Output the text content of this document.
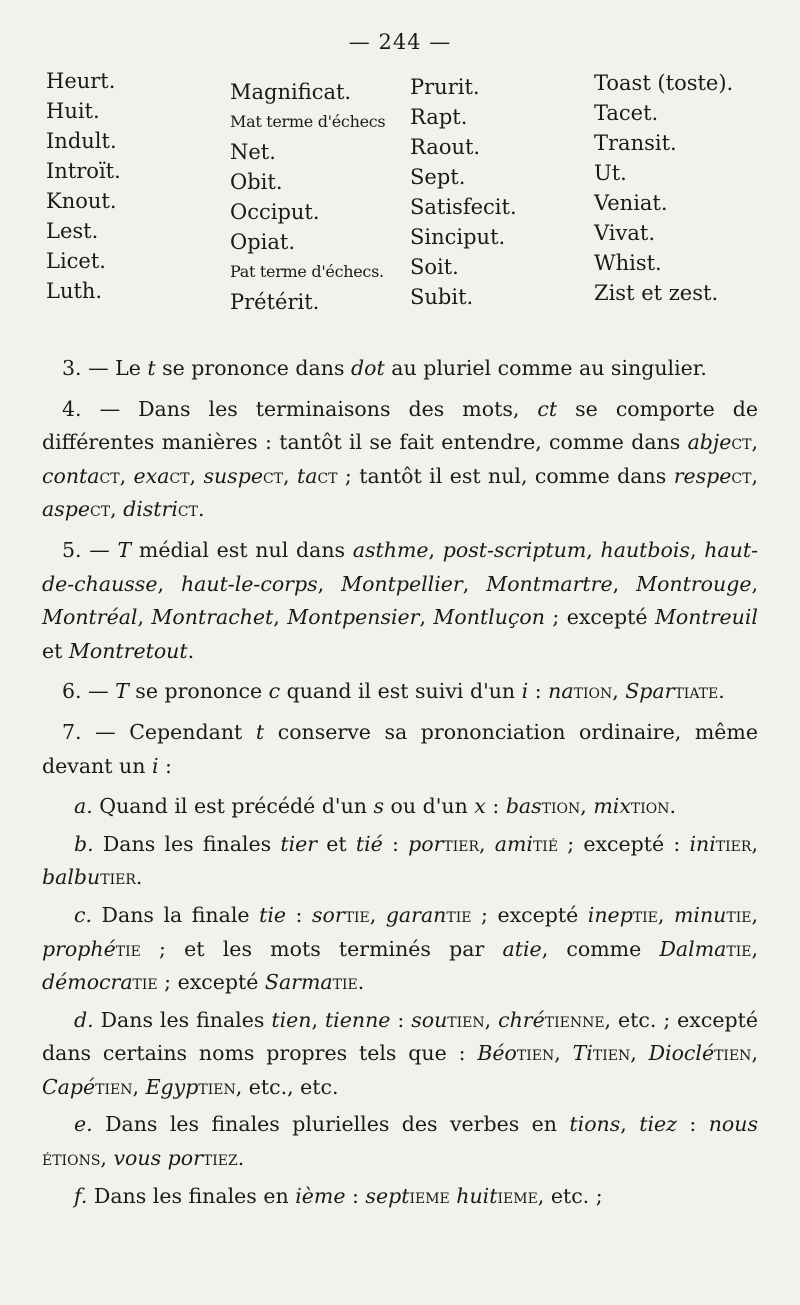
— 244 —
Heurt.
Huit.
Indult.
Introït.
Knout.
Lest.
Licet.
Luth.
Magnificat.
Mat terme d'échecs
Net.
Obit.
Occiput.
Opiat.
Pat terme d'échecs.
Prétérit.
Prurit.
Rapt.
Raout.
Sept.
Satisfecit.
Sinciput.
Soit.
Subit.
Toast (toste).
Tacet.
Transit.
Ut.
Veniat.
Vivat.
Whist.
Zist et zest.
3. — Le t se prononce dans dot au pluriel comme au singulier.
4. — Dans les terminaisons des mots, ct se comporte de différentes manières : tantôt il se fait entendre, comme dans abject, contact, exact, suspect, tact ; tantôt il est nul, comme dans respect, aspect, district.
5. — T médial est nul dans asthme, post-scriptum, hautbois, haut-de-chausse, haut-le-corps, Montpellier, Montmartre, Montrouge, Montréal, Montrachet, Montpensier, Montluçon ; excepté Montreuil et Montretout.
6. — T se prononce c quand il est suivi d'un i : nation, Spartiate.
7. — Cependant t conserve sa prononciation ordinaire, même devant un i :
a. Quand il est précédé d'un s ou d'un x : bastion, mixtion.
b. Dans les finales tier et tié : portier, amitié ; excepté : initier, balbutier.
c. Dans la finale tie : sortie, garantie ; excepté ineptie, minutie, prophétie ; et les mots terminés par atie, comme Dalmatie, démocratie ; excepté Sarmatie.
d. Dans les finales tien, tienne : soutien, chrétienne, etc. ; excepté dans certains noms propres tels que : Béotien, Titien, Dioclétien, Capétien, Egyptien, etc., etc.
e. Dans les finales plurielles des verbes en tions, tiez : nous étions, vous portiez.
f. Dans les finales en ième : septieme huitieme, etc. ;
